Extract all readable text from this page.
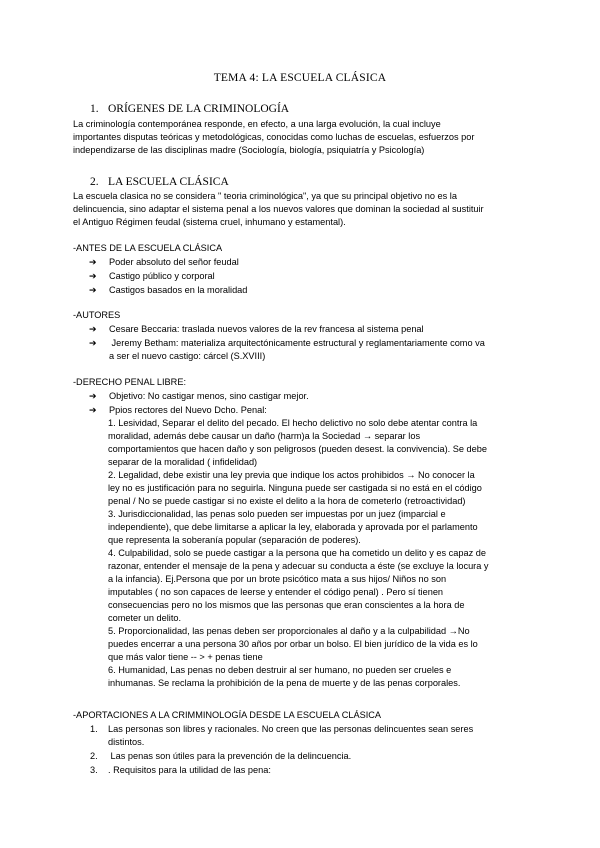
TEMA 4: LA ESCUELA CLÁSICA
1. ORÍGENES DE LA CRIMINOLOGÍA
La criminología contemporánea responde, en efecto, a una larga evolución, la cual incluye
importantes disputas teóricas y metodológicas, conocidas como luchas de escuelas, esfuerzos por
independizarse de las disciplinas madre (Sociología, biología, psiquiatría y Psicología)
2. LA ESCUELA CLÁSICA
La escuela clasica no se considera " teoria criminológica", ya que su principal objetivo no es la
delincuencia, sino adaptar el sistema penal a los nuevos valores que dominan la sociedad al sustituir
el Antiguo Régimen feudal (sistema cruel, inhumano y estamental).
-ANTES DE LA ESCUELA CLÁSICA
➔ Poder absoluto del señor feudal
➔ Castigo público y corporal
➔ Castigos basados en la moralidad
-AUTORES
➔ Cesare Beccaria: traslada nuevos valores de la rev francesa al sistema penal
➔ Jeremy Betham: materializa arquitectónicamente estructural y reglamentariamente como va
a ser el nuevo castigo: cárcel (S.XVIII)
-DERECHO PENAL LIBRE:
➔ Objetivo: No castigar menos, sino castigar mejor.
➔ Ppios rectores del Nuevo Dcho. Penal:
1. Lesividad, Separar el delito del pecado. El hecho delictivo no solo debe atentar contra la
moralidad, además debe causar un daño (harm)a la Sociedad → separar los
comportamientos que hacen daño y son peligrosos (pueden desest. la convivencia). Se debe
separar de la moralidad ( infidelidad)
2. Legalidad, debe existir una ley previa que indique los actos prohibidos → No conocer la
ley no es justificación para no seguirla. Ninguna puede ser castigada si no está en el código
penal / No se puede castigar si no existe el delito a la hora de cometerlo (retroactividad)
3. Jurisdiccionalidad, las penas solo pueden ser impuestas por un juez (imparcial e
independiente), que debe limitarse a aplicar la ley, elaborada y aprovada por el parlamento
que representa la soberanía popular (separación de poderes).
4. Culpabilidad, solo se puede castigar a la persona que ha cometido un delito y es capaz de
razonar, entender el mensaje de la pena y adecuar su conducta a éste (se excluye la locura y
a la infancia). Ej.Persona que por un brote psicótico mata a sus hijos/ Niños no son
imputables ( no son capaces de leerse y entender el código penal) . Pero sí tienen
consecuencias pero no los mismos que las personas que eran conscientes a la hora de
cometer un delito.
5. Proporcionalidad, las penas deben ser proporcionales al daño y a la culpabilidad →No
puedes encerrar a una persona 30 años por orbar un bolso. El bien jurídico de la vida es lo
que más valor tiene -- > + penas tiene
6. Humanidad, Las penas no deben destruir al ser humano, no pueden ser crueles e
inhumanas. Se reclama la prohibición de la pena de muerte y de las penas corporales.
-APORTACIONES A LA CRIMMINOLOGÍA DESDE LA ESCUELA CLÁSICA
1. Las personas son libres y racionales. No creen que las personas delincuentes sean seres
distintos.
2. Las penas son útiles para la prevención de la delincuencia.
3. . Requisitos para la utilidad de las pena:
